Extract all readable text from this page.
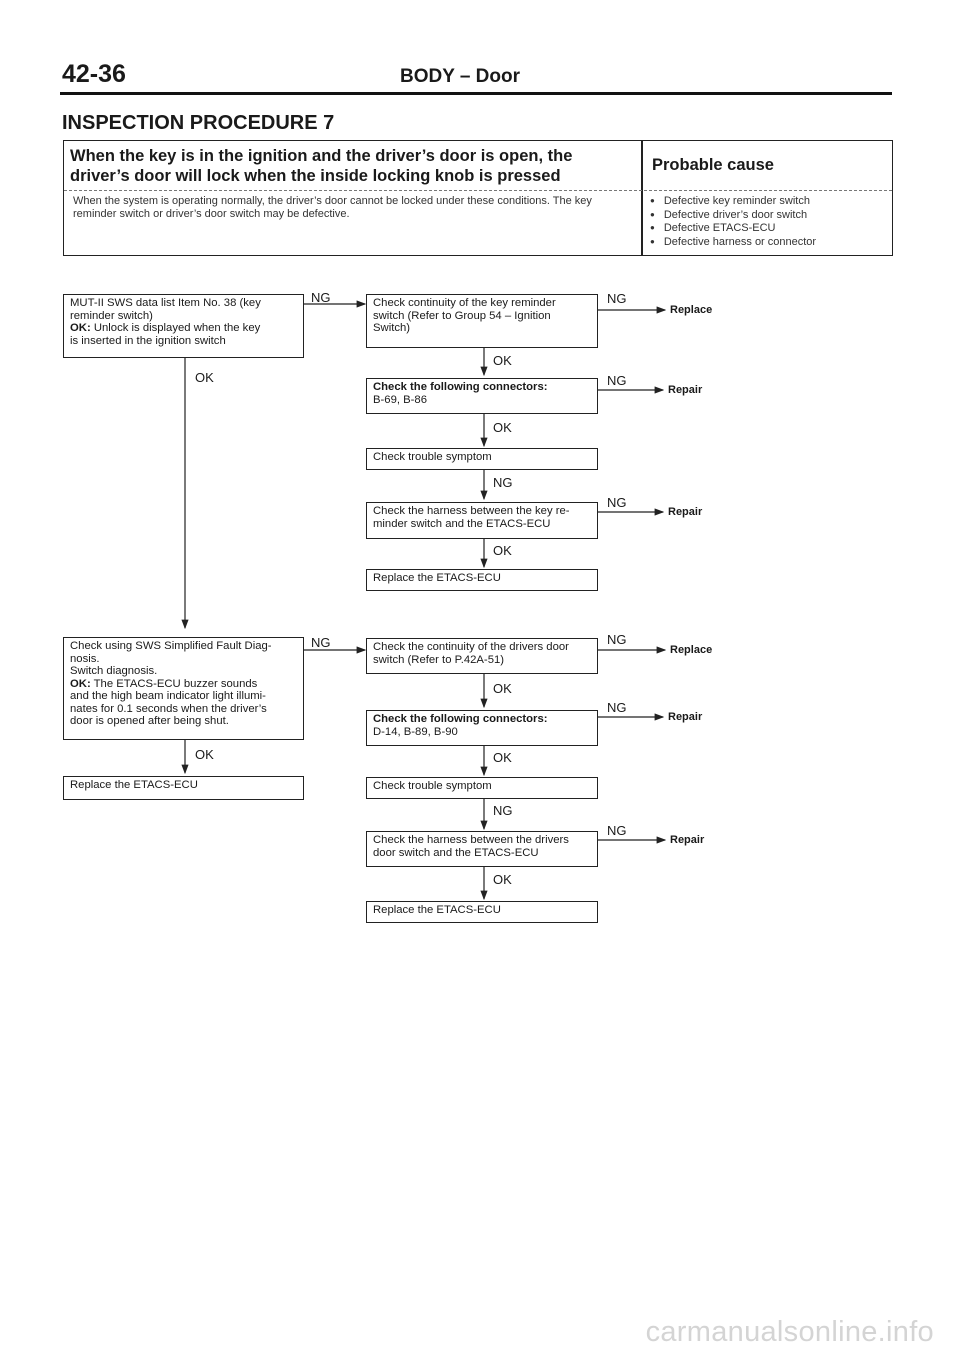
42-36	BODY – Door
INSPECTION PROCEDURE 7
When the key is in the ignition and the driver’s door is open, the driver’s door will lock when the inside locking knob is pressed
Probable cause
When the system is operating normally, the driver’s door cannot be locked under these conditions. The key reminder switch or driver’s door switch may be defective.
● Defective key reminder switch
● Defective driver’s door switch
● Defective ETACS-ECU
● Defective harness or connector
MUT-II SWS data list Item No. 38 (key
reminder switch)
OK: Unlock is displayed when the key
is inserted in the ignition switch
Check using SWS Simplified Fault Diag-
nosis.
Switch diagnosis.
OK: The ETACS-ECU buzzer sounds
and the high beam indicator light illumi-
nates for 0.1 seconds when the driver’s
door is opened after being shut.
Replace the ETACS-ECU
Check continuity of the key reminder
switch (Refer to Group 54 – Ignition
Switch)
Check the following connectors:
B-69, B-86
Check trouble symptom
Check the harness between the key re-
minder switch and the ETACS-ECU
Replace the ETACS-ECU
Check the continuity of the drivers door
switch (Refer to P.42A-51)
Check the following connectors:
D-14, B-89, B-90
Check trouble symptom
Check the harness between the drivers
door switch and the ETACS-ECU
Replace the ETACS-ECU
OK
OK
NG
NG
OK
OK
NG
OK
OK
OK
NG
OK
NG
NG
NG
NG
NG
NG
Replace
Repair
Repair
Replace
Repair
Repair
carmanualsonline.info
